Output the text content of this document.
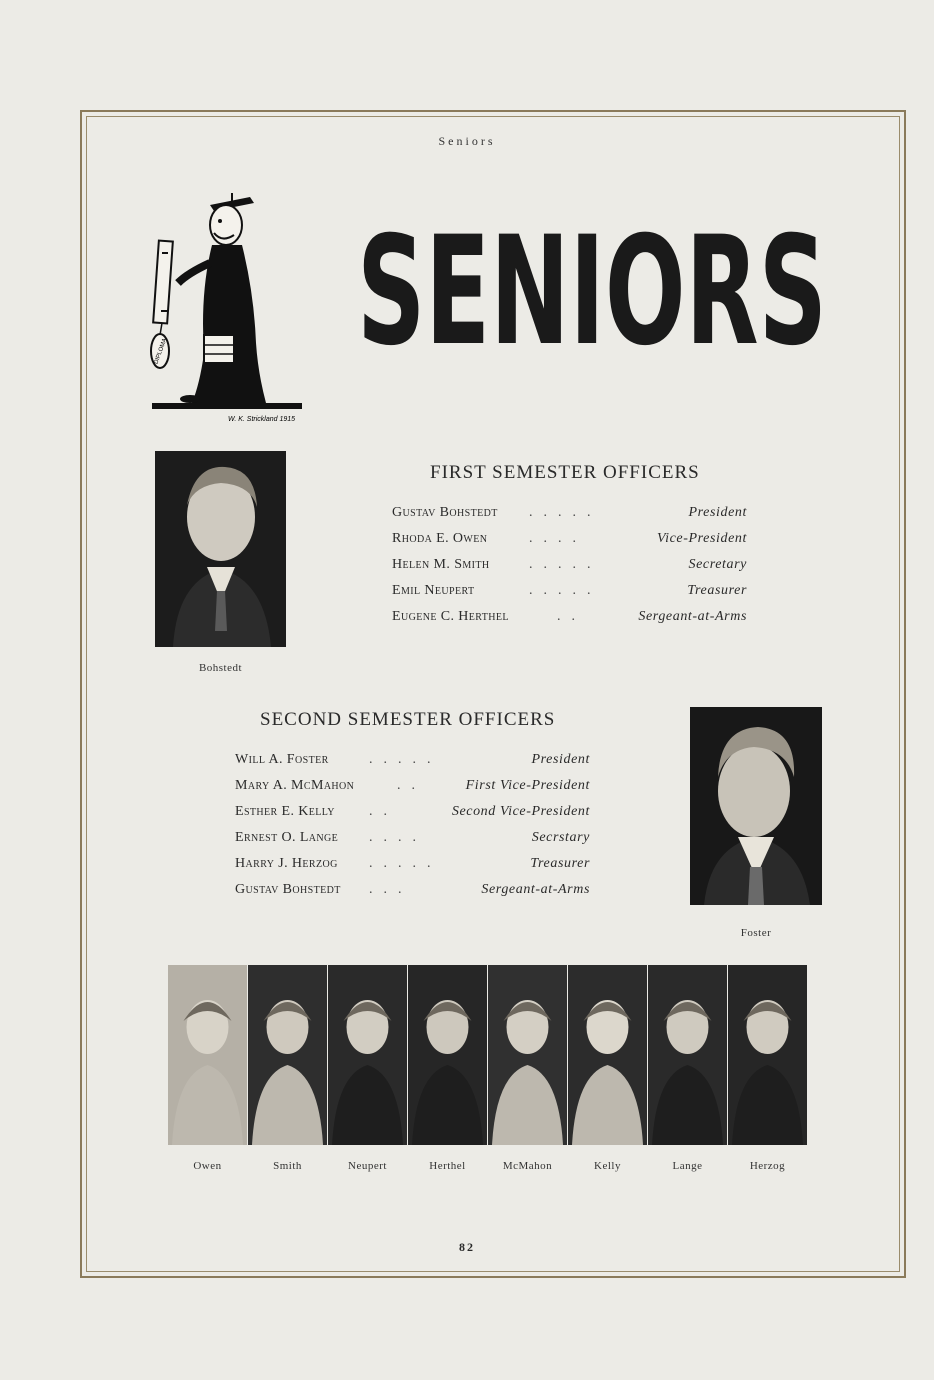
Seniors
DIPLOMA
W. K. Strickland 1915
SENIORS
Bohstedt
FIRST SEMESTER OFFICERS
Gustav Bohstedt .....	President
Rhoda E. Owen	....	Vice-President
Helen M. Smith	.....	Secretary
Emil Neupert	.....	Treasurer
Eugene C. Herthel	..	Sergeant-at-Arms
SECOND SEMESTER OFFICERS
Will A. Foster	.....	President
Mary A. McMahon	..	First Vice-President
Esther E. Kelly ..	Second Vice-President
Ernest O. Lange ....	Secrstary
Harry J. Herzog .....	Treasurer
Gustav Bohstedt ...	Sergeant-at-Arms
Foster
Owen	Smith	Neupert	Herthel	McMahon	Kelly	Lange	Herzog
82
